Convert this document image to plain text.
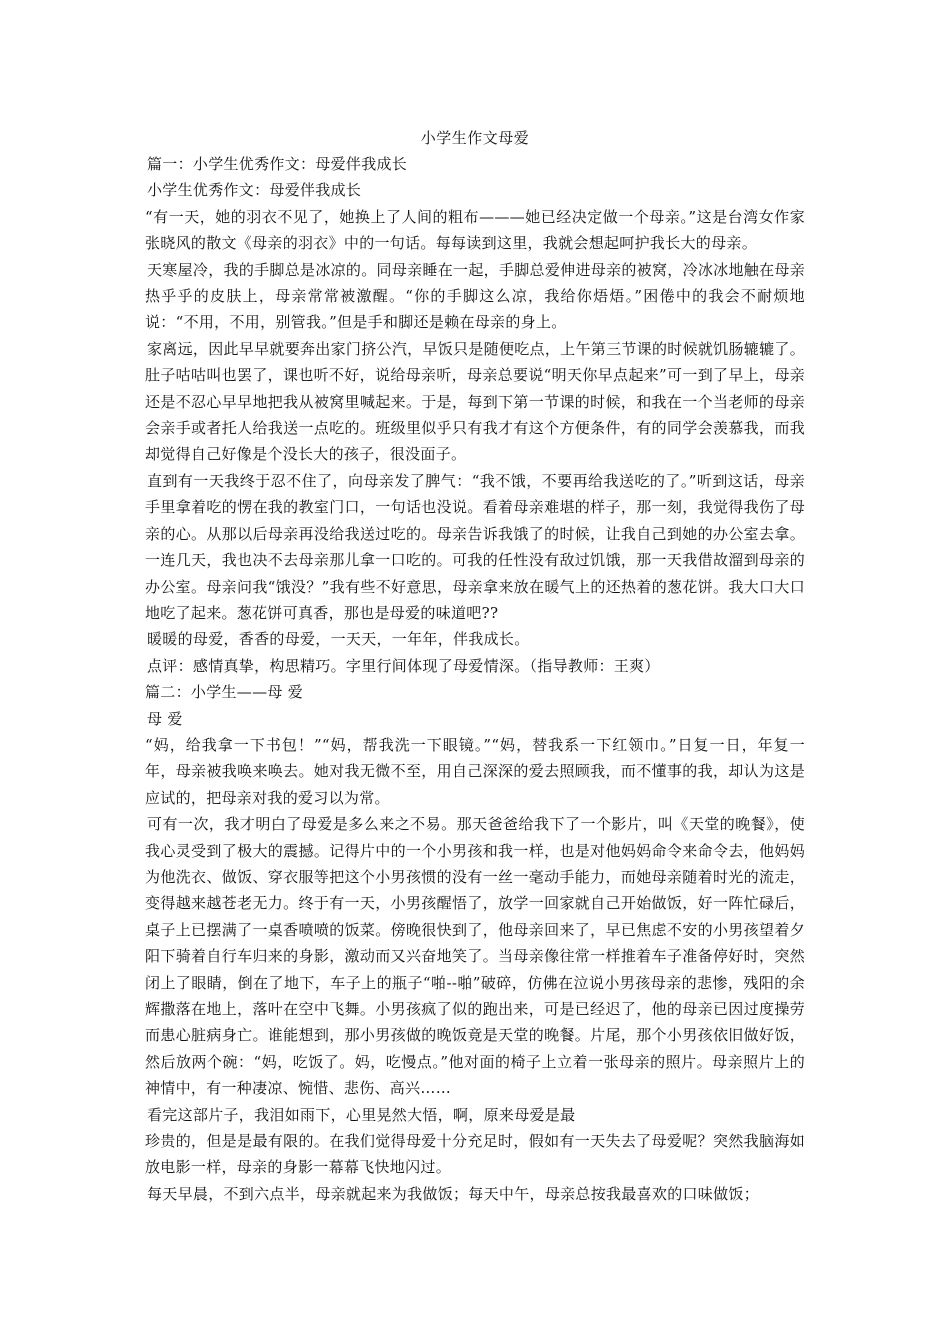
小学生作文母爱

篇一：小学生优秀作文：母爱伴我成长

小学生优秀作文：母爱伴我成长

“有一天，她的羽衣不见了，她换上了人间的粗布———她已经决定做一个母亲。”这是台湾女作家张晓风的散文《母亲的羽衣》中的一句话。每每读到这里，我就会想起呵护我长大的母亲。

天寒屋冷，我的手脚总是冰凉的。同母亲睡在一起，手脚总爱伸进母亲的被窝，冷冰冰地触在母亲热乎乎的皮肤上，母亲常常被激醒。“你的手脚这么凉，我给你焐焐。”困倦中的我会不耐烦地说：“不用，不用，别管我。”但是手和脚还是赖在母亲的身上。

家离远，因此早早就要奔出家门挤公汽，早饭只是随便吃点，上午第三节课的时候就饥肠辘辘了。肚子咕咕叫也罢了，课也听不好，说给母亲听，母亲总要说“明天你早点起来”可一到了早上，母亲还是不忍心早早地把我从被窝里喊起来。于是，每到下第一节课的时候，和我在一个当老师的母亲会亲手或者托人给我送一点吃的。班级里似乎只有我才有这个方便条件，有的同学会羡慕我，而我却觉得自己好像是个没长大的孩子，很没面子。

直到有一天我终于忍不住了，向母亲发了脾气：“我不饿，不要再给我送吃的了。”听到这话，母亲手里拿着吃的愣在我的教室门口，一句话也没说。看着母亲难堪的样子，那一刻，我觉得我伤了母亲的心。从那以后母亲再没给我送过吃的。母亲告诉我饿了的时候，让我自己到她的办公室去拿。一连几天，我也决不去母亲那儿拿一口吃的。可我的任性没有敌过饥饿，那一天我借故溜到母亲的办公室。母亲问我“饿没？”我有些不好意思，母亲拿来放在暖气上的还热着的葱花饼。我大口大口地吃了起来。葱花饼可真香，那也是母爱的味道吧??

暖暖的母爱，香香的母爱，一天天，一年年，伴我成长。

点评：感情真挚，构思精巧。字里行间体现了母爱情深。（指导教师：王爽）

篇二：小学生——母 爱

母 爱

“妈，给我拿一下书包！”“妈，帮我洗一下眼镜。”“妈，替我系一下红领巾。”日复一日，年复一年，母亲被我唤来唤去。她对我无微不至，用自己深深的爱去照顾我，而不懂事的我，却认为这是应试的，把母亲对我的爱习以为常。

可有一次，我才明白了母爱是多么来之不易。那天爸爸给我下了一个影片，叫《天堂的晚餐》，使我心灵受到了极大的震撼。记得片中的一个小男孩和我一样，也是对他妈妈命令来命令去，他妈妈为他洗衣、做饭、穿衣服等把这个小男孩惯的没有一丝一毫动手能力，而她母亲随着时光的流走，变得越来越苍老无力。终于有一天，小男孩醒悟了，放学一回家就自己开始做饭，好一阵忙碌后，桌子上已摆满了一桌香喷喷的饭菜。傍晚很快到了，他母亲回来了，早已焦虑不安的小男孩望着夕阳下骑着自行车归来的身影，激动而又兴奋地笑了。当母亲像往常一样推着车子准备停好时，突然闭上了眼睛，倒在了地下，车子上的瓶子“啪--啪”破碎，仿佛在泣说小男孩母亲的悲惨，残阳的余辉撒落在地上，落叶在空中飞舞。小男孩疯了似的跑出来，可是已经迟了，他的母亲已因过度操劳而患心脏病身亡。谁能想到，那小男孩做的晚饭竟是天堂的晚餐。片尾，那个小男孩依旧做好饭，然后放两个碗：“妈，吃饭了。妈，吃慢点。”他对面的椅子上立着一张母亲的照片。母亲照片上的神情中，有一种凄凉、惋惜、悲伤、高兴……

看完这部片子，我泪如雨下，心里晃然大悟，啊，原来母爱是最

珍贵的，但是是最有限的。在我们觉得母爱十分充足时，假如有一天失去了母爱呢？突然我脑海如放电影一样，母亲的身影一幕幕飞快地闪过。

每天早晨，不到六点半，母亲就起来为我做饭；每天中午，母亲总按我最喜欢的口味做饭；
